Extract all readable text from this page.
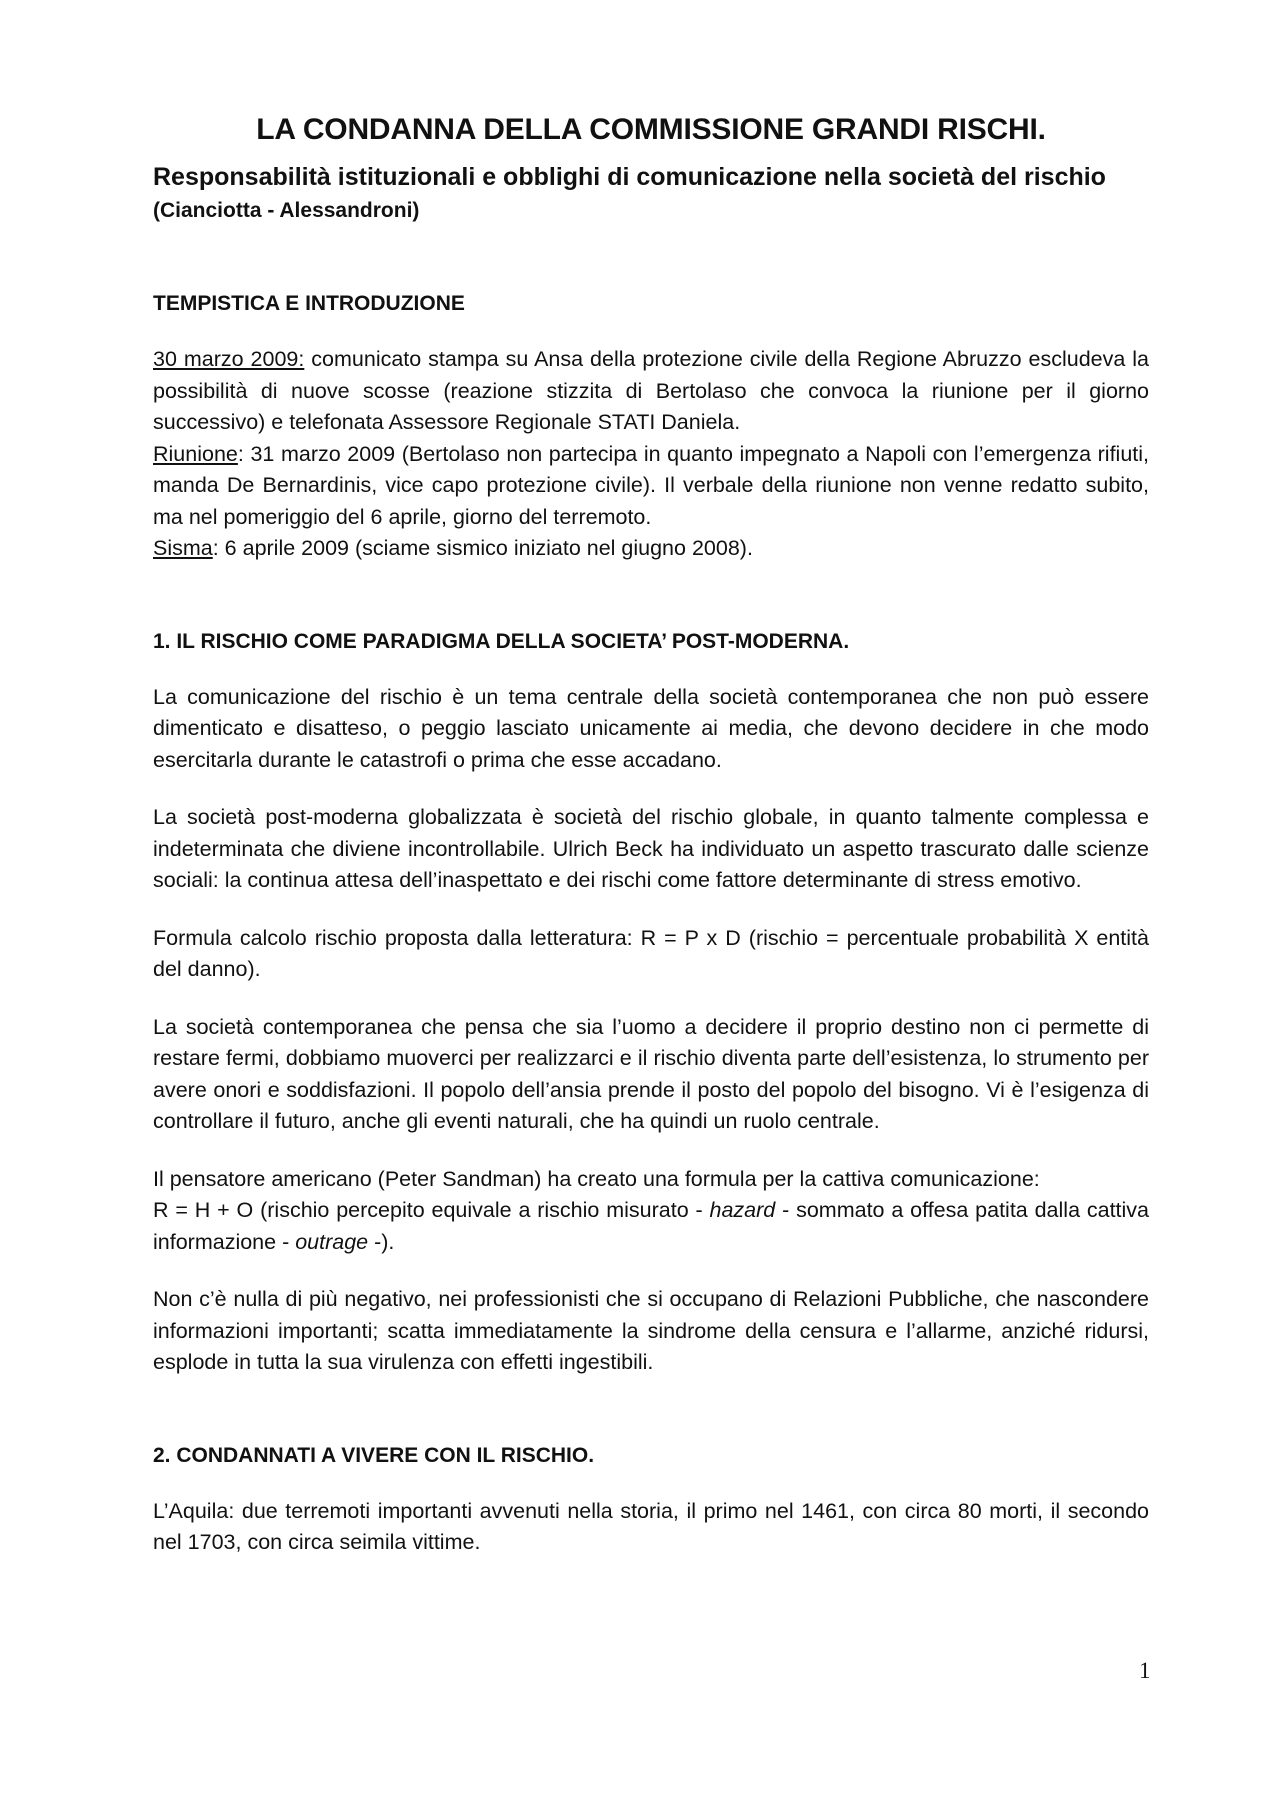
LA CONDANNA DELLA COMMISSIONE GRANDI RISCHI.

Responsabilità istituzionali e obblighi di comunicazione nella società del rischio

(Cianciotta - Alessandroni)

TEMPISTICA E INTRODUZIONE

30 marzo 2009: comunicato stampa su Ansa della protezione civile della Regione Abruzzo escludeva la possibilità di nuove scosse (reazione stizzita di Bertolaso che convoca la riunione per il giorno successivo) e telefonata Assessore Regionale STATI Daniela.

Riunione: 31 marzo 2009 (Bertolaso non partecipa in quanto impegnato a Napoli con l’emergenza rifiuti, manda De Bernardinis, vice capo protezione civile). Il verbale della riunione non venne redatto subito, ma nel pomeriggio del 6 aprile, giorno del terremoto.

Sisma: 6 aprile 2009 (sciame sismico iniziato nel giugno 2008).

1. IL RISCHIO COME PARADIGMA DELLA SOCIETA’ POST-MODERNA.

La comunicazione del rischio è un tema centrale della società contemporanea che non può essere dimenticato e disatteso, o peggio lasciato unicamente ai media, che devono decidere in che modo esercitarla durante le catastrofi o prima che esse accadano.

La società post-moderna globalizzata è società del rischio globale, in quanto talmente complessa e indeterminata che diviene incontrollabile. Ulrich Beck ha individuato un aspetto trascurato dalle scienze sociali: la continua attesa dell’inaspettato e dei rischi come fattore determinante di stress emotivo.

Formula calcolo rischio proposta dalla letteratura: R = P x D (rischio = percentuale probabilità X entità del danno).

La società contemporanea che pensa che sia l’uomo a decidere il proprio destino non ci permette di restare fermi, dobbiamo muoverci per realizzarci e il rischio diventa parte dell’esistenza, lo strumento per avere onori e soddisfazioni. Il popolo dell’ansia prende il posto del popolo del bisogno. Vi è l’esigenza di controllare il futuro, anche gli eventi naturali, che ha quindi un ruolo centrale.

Il pensatore americano (Peter Sandman) ha creato una formula per la cattiva comunicazione:

R = H + O (rischio percepito equivale a rischio misurato - hazard - sommato a offesa patita dalla cattiva informazione - outrage -).

Non c’è nulla di più negativo, nei professionisti che si occupano di Relazioni Pubbliche, che nascondere informazioni importanti; scatta immediatamente la sindrome della censura e l’allarme, anziché ridursi, esplode in tutta la sua virulenza con effetti ingestibili.

2. CONDANNATI A VIVERE CON IL RISCHIO.

L’Aquila: due terremoti importanti avvenuti nella storia, il primo nel 1461, con circa 80 morti, il secondo nel 1703, con circa seimila vittime.

1
